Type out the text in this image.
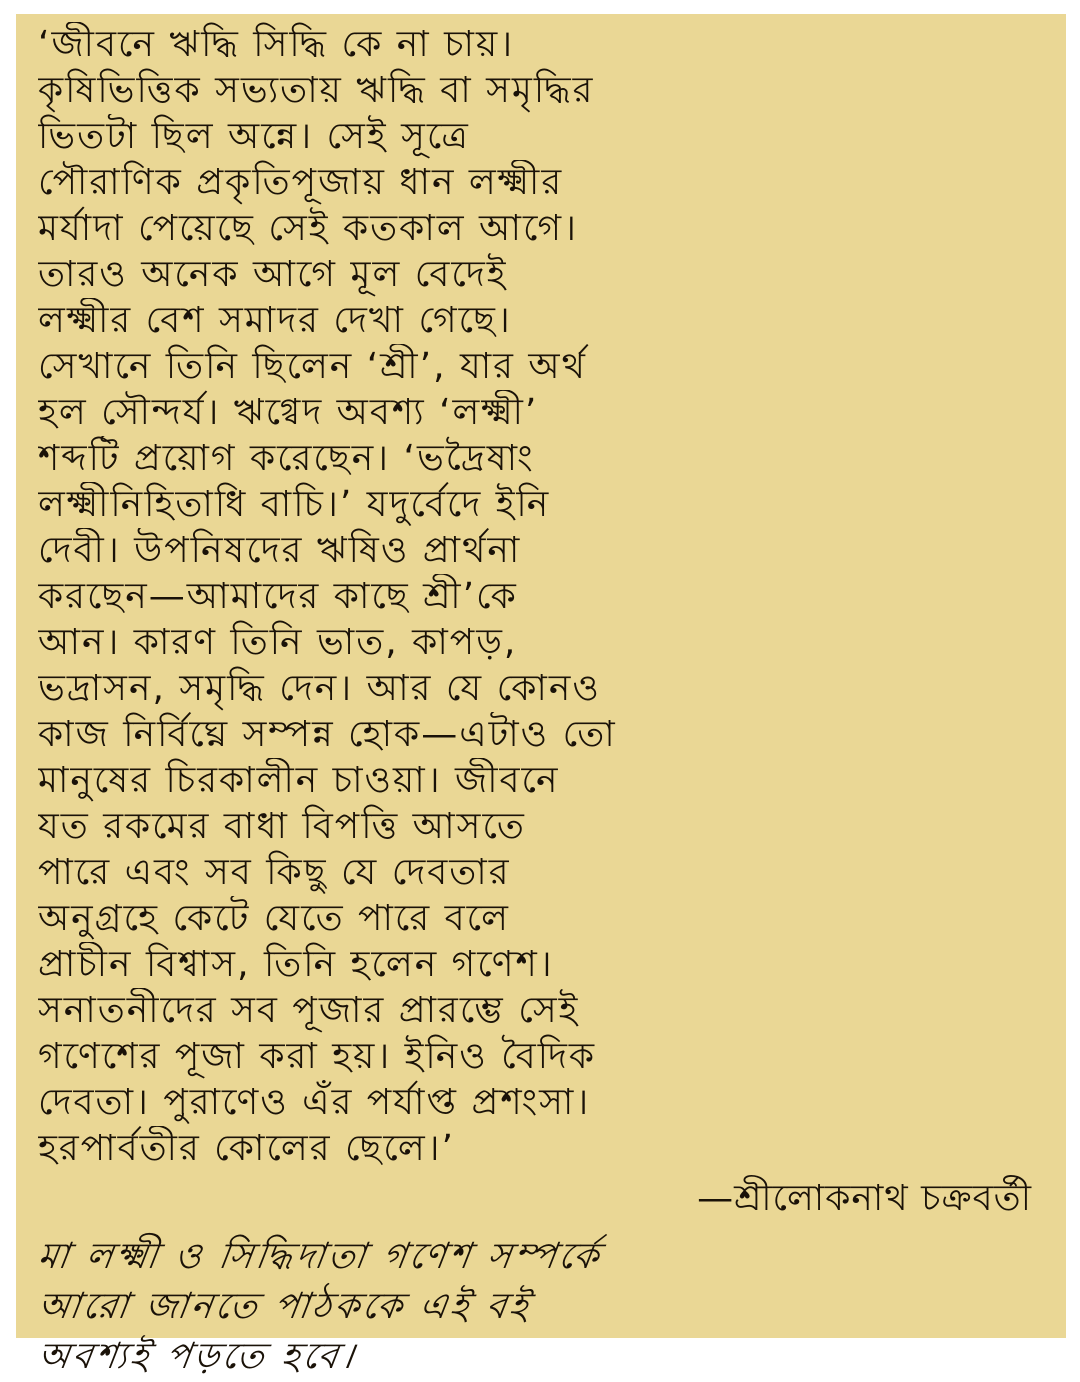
‘জীবনে ঋদ্ধি সিদ্ধি কে না চায়।
কৃষিভিত্তিক সভ্যতায় ঋদ্ধি বা সমৃদ্ধির
ভিতটা ছিল অন্নে। সেই সূত্রে
পৌরাণিক প্রকৃতিপূজায় ধান লক্ষ্মীর
মর্যাদা পেয়েছে সেই কতকাল আগে।
তারও অনেক আগে মূল বেদেই
লক্ষ্মীর বেশ সমাদর দেখা গেছে।
সেখানে তিনি ছিলেন ‘শ্রী’, যার অর্থ
হল সৌন্দর্য। ঋগ্বেদ অবশ্য ‘লক্ষ্মী’
শব্দটি প্রয়োগ করেছেন। ‘ভদ্রৈষাং
লক্ষ্মীনিহিতাধি বাচি।’ যদুর্বেদে ইনি
দেবী। উপনিষদের ঋষিও প্রার্থনা
করছেন—আমাদের কাছে শ্রী’কে
আন। কারণ তিনি ভাত, কাপড়,
ভদ্রাসন, সমৃদ্ধি দেন। আর যে কোনও
কাজ নির্বিঘ্নে সম্পন্ন হোক—এটাও তো
মানুষের চিরকালীন চাওয়া। জীবনে
যত রকমের বাধা বিপত্তি আসতে
পারে এবং সব কিছু যে দেবতার
অনুগ্রহে কেটে যেতে পারে বলে
প্রাচীন বিশ্বাস, তিনি হলেন গণেশ।
সনাতনীদের সব পূজার প্রারম্ভে সেই
গণেশের পূজা করা হয়। ইনিও বৈদিক
দেবতা। পুরাণেও এঁর পর্যাপ্ত প্রশংসা।
হরপার্বতীর কোলের ছেলে।’
—শ্রীলোকনাথ চক্রবর্তী
মা লক্ষ্মী ও সিদ্ধিদাতা গণেশ সম্পর্কে
আরো জানতে পাঠককে এই বই
অবশ্যই পড়তে হবে।
